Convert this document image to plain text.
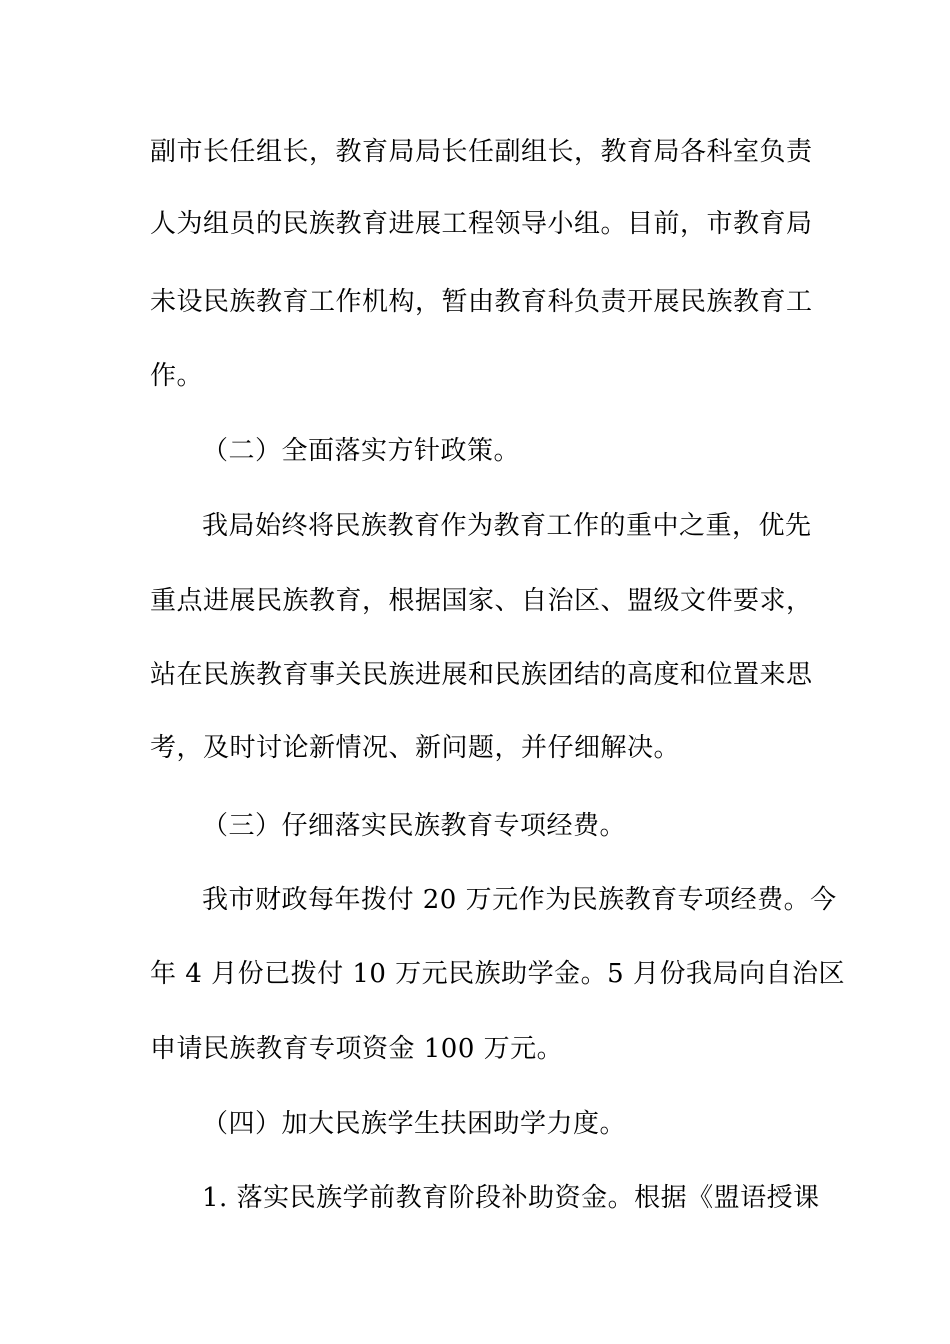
副市长任组长，教育局局长任副组长，教育局各科室负责
人为组员的民族教育进展工程领导小组。目前，市教育局
未设民族教育工作机构，暂由教育科负责开展民族教育工
作。
（二）全面落实方针政策。
我局始终将民族教育作为教育工作的重中之重，优先
重点进展民族教育，根据国家、自治区、盟级文件要求，
站在民族教育事关民族进展和民族团结的高度和位置来思
考，及时讨论新情况、新问题，并仔细解决。
（三）仔细落实民族教育专项经费。
我市财政每年拨付 20 万元作为民族教育专项经费。今
年 4 月份已拨付 10 万元民族助学金。5 月份我局向自治区
申请民族教育专项资金 100 万元。
（四）加大民族学生扶困助学力度。
1. 落实民族学前教育阶段补助资金。根据《盟语授课
